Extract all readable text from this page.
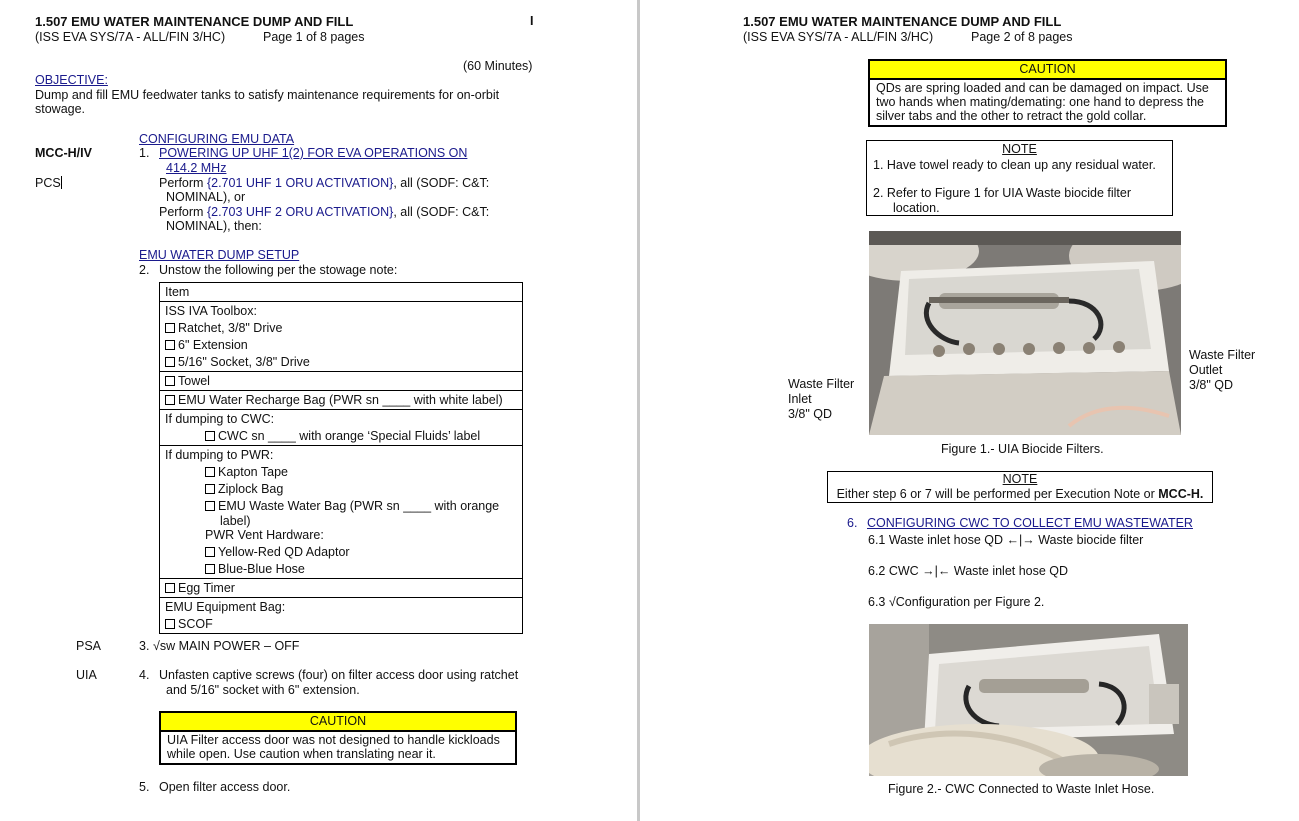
1.507 EMU WATER MAINTENANCE DUMP AND FILL
(ISS EVA SYS/7A - ALL/FIN 3/HC)	Page 1 of 8 pages
I
(60 Minutes)
OBJECTIVE:
Dump and fill EMU feedwater tanks to satisfy maintenance requirements for on-orbit
stowage.
CONFIGURING EMU DATA
MCC-H/IV	1. POWERING UP UHF 1(2) FOR EVA OPERATIONS ON
414.2 MHz
PCS	Perform {2.701 UHF 1 ORU ACTIVATION}, all (SODF: C&T:
NOMINAL), or
Perform {2.703 UHF 2 ORU ACTIVATION}, all (SODF: C&T:
NOMINAL), then:
EMU WATER DUMP SETUP
2. Unstow the following per the stowage note:
Item
ISS IVA Toolbox:
Ratchet, 3/8" Drive
6" Extension
5/16" Socket, 3/8" Drive
Towel
EMU Water Recharge Bag (PWR sn ____ with white label)
If dumping to CWC:
CWC sn ____ with orange ‘Special Fluids’ label
If dumping to PWR:
Kapton Tape
Ziplock Bag
EMU Waste Water Bag (PWR sn ____ with orange
label)
PWR Vent Hardware:
Yellow-Red QD Adaptor
Blue-Blue Hose
Egg Timer
EMU Equipment Bag:
SCOF
PSA	3. √sw MAIN POWER – OFF
UIA	4. Unfasten captive screws (four) on filter access door using ratchet
and 5/16" socket with 6" extension.
CAUTION
UIA Filter access door was not designed to handle kickloads while open. Use caution when translating near it.
5. Open filter access door.
1.507 EMU WATER MAINTENANCE DUMP AND FILL
(ISS EVA SYS/7A - ALL/FIN 3/HC)	Page 2 of 8 pages
CAUTION
QDs are spring loaded and can be damaged on impact. Use two hands when mating/demating: one hand to depress the silver tabs and the other to retract the gold collar.
NOTE
1. Have towel ready to clean up any residual water.
2. Refer to Figure 1 for UIA Waste biocide filter
location.
Waste Filter
Inlet
3/8" QD
Waste Filter
Outlet
3/8" QD
Figure 1.- UIA Biocide Filters.
NOTE
Either step 6 or 7 will be performed per Execution Note or MCC-H.
6. CONFIGURING CWC TO COLLECT EMU WASTEWATER
6.1 Waste inlet hose QD ←|→ Waste biocide filter
6.2 CWC →|← Waste inlet hose QD
6.3 √Configuration per Figure 2.
Figure 2.- CWC Connected to Waste Inlet Hose.
